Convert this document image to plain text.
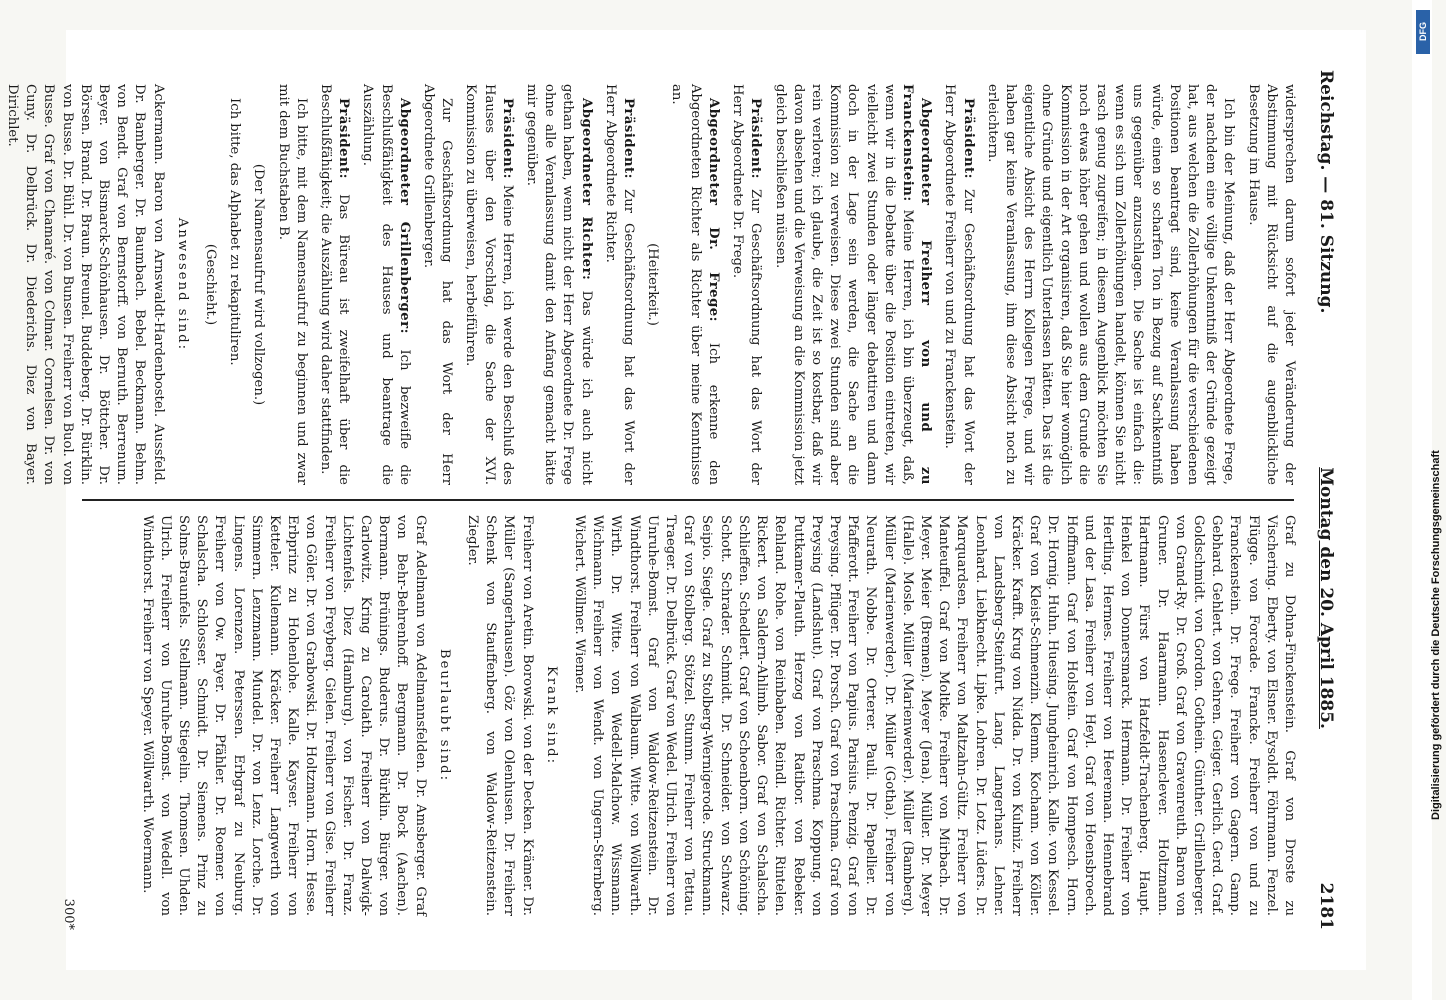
Reichstag. — 81. Sitzung.
Montag den 20. April 1885.
2181

widersprechen darum sofort jeder Veränderung der Abstimmung mit Rücksicht auf die augenblickliche Besetzung im Hause.

Ich bin der Meinung, daß der Herr Abgeordnete Frege, der nachdem eine völlige Unkenntniß der Gründe gezeigt hat, aus welchen die Zollerhöhungen für die verschiedenen Positionen beantragt sind, keine Veranlassung haben würde, einen so scharfen Ton in Bezug auf Sachkenntniß uns gegenüber anzuschlagen. Die Sache ist einfach die: wenn es sich um Zollerhöhungen handelt, können Sie nicht rasch genug zugreifen; in diesem Augenblick möchten Sie noch etwas höher gehen und wollen aus dem Grunde die Kommission in der Art organisiren, daß Sie hier womöglich ohne Gründe und eigentlich Unterlassen hätten. Das ist die eigentliche Absicht des Herrn Kollegen Frege, und wir haben gar keine Veranlassung, ihm diese Absicht noch zu erleichtern.

Präsident: Zur Geschäftsordnung hat das Wort der Herr Abgeordnete Freiherr von und zu Franckenstein.

Abgeordneter Freiherr von und zu Franckenstein: Meine Herren, ich bin überzeugt, daß, wenn wir in die Debatte über die Position eintreten, wir vielleicht zwei Stunden oder länger debattiren und dann doch in der Lage sein werden, die Sache an die Kommission zu verweisen. Diese zwei Stunden sind aber rein verloren; ich glaube, die Zeit ist so kostbar, daß wir davon absehen und die Verweisung an die Kommission jetzt gleich beschließen müssen.

Präsident: Zur Geschäftsordnung hat das Wort der Herr Abgeordnete Dr. Frege.

Abgeordneter Dr. Frege: Ich erkenne den Abgeordneten Richter als Richter über meine Kenntnisse an.

(Heiterkeit.)

Präsident: Zur Geschäftsordnung hat das Wort der Herr Abgeordnete Richter.

Abgeordneter Richter: Das würde ich auch nicht gethan haben, wenn nicht der Herr Abgeordnete Dr. Frege ohne alle Veranlassung damit den Anfang gemacht hätte mir gegenüber.

Präsident: Meine Herren, ich werde den Beschluß des Hauses über den Vorschlag, die Sache der XVI. Kommission zu überweisen, herbeiführen.

Zur Geschäftsordnung hat das Wort der Herr Abgeordnete Grillenberger.

Abgeordneter Grillenberger: Ich bezweifle die Beschlußfähigkeit des Hauses und beantrage die Auszählung.

Präsident: Das Büreau ist zweifelhaft über die Beschlußfähigkeit; die Auszählung wird daher stattfinden.

Ich bitte, mit dem Namensaufruf zu beginnen und zwar mit dem Buchstaben B.

(Der Namensaufruf wird vollzogen.)

Ich bitte, das Alphabet zu rekapituliren.

(Geschieht.)

Anwesend sind:

Ackermann. Baron von Arnswaldt-Hardenbostel. Aussfeld. Dr. Bamberger. Dr. Baumbach. Bebel. Beckmann. Behm. von Bendt. Graf von Bernstorff. von Bernuth. Berrenum. Beyer. von Bismarck-Schönhausen. Dr. Böttcher. Dr. Börsen. Brand. Dr. Braun. Breunel. Buddeberg. Dr. Bürklin. von Busse. Dr. Bühl. Dr. von Bunsen. Freiherr von Buol. von Busse. Graf von Chamaré. von Colmar. Cornelsen. Dr. von Cuny. Dr. Delbrück. Dr. Diederichs. Diez von Bayer. Dirichlet.

Graf zu Dohna-Finckenstein. Graf von Droste zu Vischering. Eberty. von Elsner. Eysoldt. Föhrmann. Fenzel. Flügge. von Forcade. Francke. Freiherr von und zu Franckenstein. Dr. Frege. Freiherr von Gagern. Gamp. Gebhard. Gehlert. von Gehren. Geiger. Gerlich. Gerd. Graf. Goldschmidt. von Gordon. Gothein. Günther. Grillenberger. von Grand-Ry. Dr. Groß. Graf von Gravenreuth. Baron von Gruner. Dr. Haarmann. Hasenclever. Holtzmann. Hartmann. Fürst von Hatzfeldt-Trachenberg. Haupt. Henkel von Donnersmarck. Hermann. Dr. Freiherr von Hertling. Hermes. Freiherr von Heereman. Hennebrand und der Lasa. Freiherr von Heyl. Graf von Hoensbroech. Hoffmann. Graf von Holstein. Graf von Hompesch. Horn. Dr. Hornig. Huhn. Huesing. Jungheinrich. Kalle. von Kessel. Graf von Kleist-Schmenzin. Klemm. Kochann. von Köller. Kräcker. Krafft. Krug von Nidda. Dr. von Kulmiz. Freiherr von Landsberg-Steinfurt. Lang. Langerhans. Lehner. Leonhard. Liebknecht. Lipke. Lohren. Dr. Lotz. Lüders. Dr. Marquardsen. Freiherr von Maltzahn-Gültz. Freiherr von Manteuffel. Graf von Moltke. Freiherr von Mirbach. Dr. Meyer. Meier (Bremen). Meyer (Jena). Müller. Dr. Meyer (Halle). Mosle. Müller (Marienwerder). Müller (Bamberg). Müller (Marienwerder). Dr. Müller (Gotha). Freiherr von Neurath. Nobbe. Dr. Orterer. Pauli. Dr. Papellier. Dr. Pfafferott. Freiherr von Papius. Parisius. Penzig. Graf von Preysing. Pflüger. Dr. Porsch. Graf von Praschma. Graf von Preysing (Landshut). Graf von Praschma. Koppung. von Puttkamer-Plauth. Herzog von Ratibor. von Rebeker. Rehland. Rohe. von Reinbaben. Reindl. Richter. Rintelen. Rickert. von Saldern-Ahlimb. Sabor. Graf von Schalscha. Schlieffen. Schedlert. Graf von Schoenborn. von Schöning. Schott. Schrader. Schmidt. Dr. Schneider. von Schwarz. Seipio. Siegle. Graf zu Stolberg-Wernigerode. Struckmann. Graf von Stolberg. Stötzel. Stumm. Freiherr von Tettau. Traeger. Dr. Delbrück. Graf von Wedel. Ulrich. Freiherr von Unruhe-Bomst. Graf von Waldow-Reitzenstein. Dr. Windthorst. Freiherr von Walbaum. Witte. von Wöllwarth. Wirth. Dr. Witte. von Wedell-Malchow. Wissmann. Wichmann. Freiherr von Wendt. von Ungern-Sternberg. Wichert. Wöllmer. Wiemer.

Krank sind:

Freiherr von Aretin. Borowski. von der Decken. Krämer. Dr. Müller (Sangerhausen). Göz von Olenhusen. Dr. Freiherr Schenk von Stauffenberg. von Waldow-Reitzenstein. Ziegler.

Beurlaubt sind:

Graf Adelmann von Adelmannsfelden. Dr. Amsberger. Graf von Behr-Behrenhoff. Bergmann. Dr. Bock (Aachen). Bormann. Brünings. Buderus. Dr. Bürklin. Bürger. von Carlowitz. Kring zu Carolath. Freiherr von Dalwigk-Lichtenfels. Diez (Hamburg). von Fischer. Dr. Franz. Freiherr von Freyberg. Gielen. Freiherr von Gise. Freiherr von Göler. Dr. von Grabowski. Dr. Holtzmann. Horn. Hesse. Erbprinz zu Hohenlohe. Kalle. Kayser. Freiherr von Ketteler. Kulemann. Kräcker. Freiherr Langwerth von Simmern. Lenzmann. Mundel. Dr. von Lenz. Lorche. Dr. Lingens. Lorenzen. Peterssen. Erbgraf zu Neuburg. Freiherr von Ow. Payer. Dr. Pfähler. Dr. Roemer. von Schalscha. Schlosser. Schmidt. Dr. Siemens. Prinz zu Solms-Braunfels. Stellmann. Stiegelin. Thomsen. Uhden. Ulrich. Freiherr von Unruhe-Bomst. von Wedell. von Windthorst. Freiherr von Speyer. Wöllwarth. Woermann.

300*
DFG
Digitalisierung gefördert durch die Deutsche Forschungsgemeinschaft
